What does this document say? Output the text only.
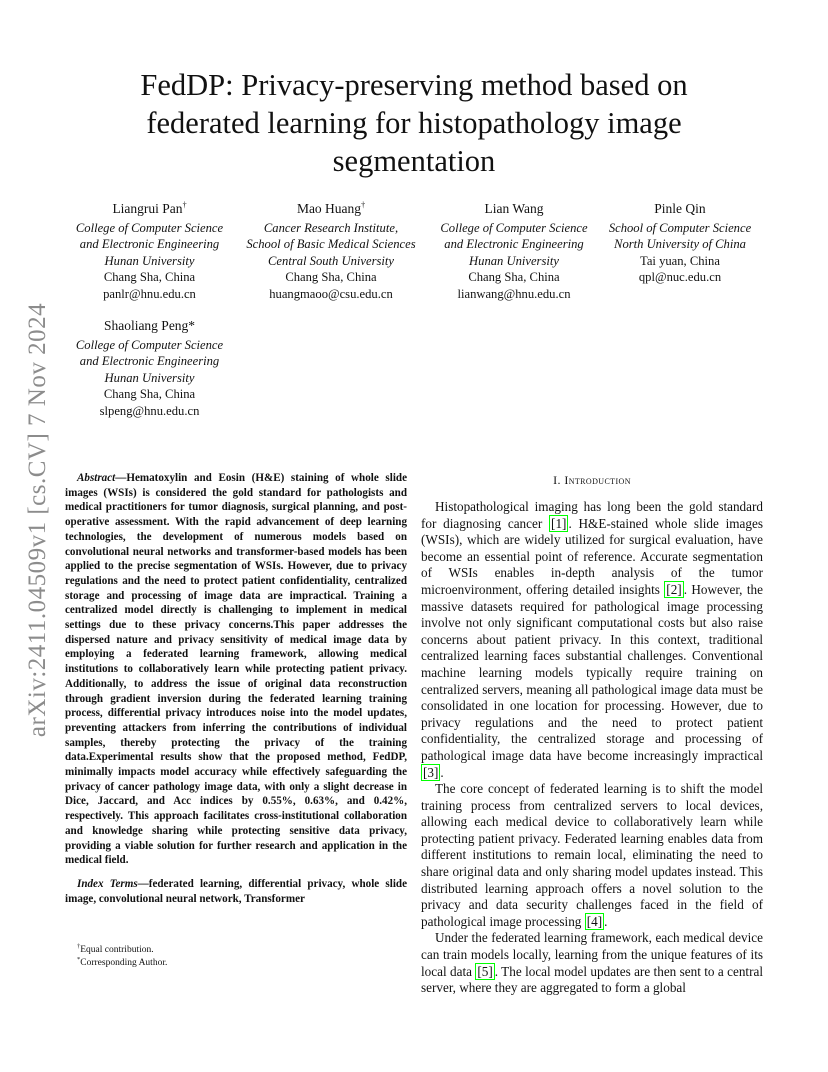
arXiv:2411.04509v1 [cs.CV] 7 Nov 2024
FedDP: Privacy-preserving method based on federated learning for histopathology image segmentation
Liangrui Pan†
College of Computer Science
and Electronic Engineering
Hunan University
Chang Sha, China
panlr@hnu.edu.cn
Mao Huang†
Cancer Research Institute,
School of Basic Medical Sciences
Central South University
Chang Sha, China
huangmaoo@csu.edu.cn
Lian Wang
College of Computer Science
and Electronic Engineering
Hunan University
Chang Sha, China
lianwang@hnu.edu.cn
Pinle Qin
School of Computer Science
North University of China
Tai yuan, China
qpl@nuc.edu.cn
Shaoliang Peng*
College of Computer Science
and Electronic Engineering
Hunan University
Chang Sha, China
slpeng@hnu.edu.cn

Abstract—Hematoxylin and Eosin (H&E) staining of whole slide images (WSIs) is considered the gold standard for pathologists and medical practitioners for tumor diagnosis, surgical planning, and post-operative assessment. With the rapid advancement of deep learning technologies, the development of numerous models based on convolutional neural networks and transformer-based models has been applied to the precise segmentation of WSIs. However, due to privacy regulations and the need to protect patient confidentiality, centralized storage and processing of image data are impractical. Training a centralized model directly is challenging to implement in medical settings due to these privacy concerns.This paper addresses the dispersed nature and privacy sensitivity of medical image data by employing a federated learning framework, allowing medical institutions to collaboratively learn while protecting patient privacy. Additionally, to address the issue of original data reconstruction through gradient inversion during the federated learning training process, differential privacy introduces noise into the model updates, preventing attackers from inferring the contributions of individual samples, thereby protecting the privacy of the training data.Experimental results show that the proposed method, FedDP, minimally impacts model accuracy while effectively safeguarding the privacy of cancer pathology image data, with only a slight decrease in Dice, Jaccard, and Acc indices by 0.55%, 0.63%, and 0.42%, respectively. This approach facilitates cross-institutional collaboration and knowledge sharing while protecting sensitive data privacy, providing a viable solution for further research and application in the medical field.

Index Terms—federated learning, differential privacy, whole slide image, convolutional neural network, Transformer

†Equal contribution.
*Corresponding Author.
I. Introduction

Histopathological imaging has long been the gold standard for diagnosing cancer [1] . H&E-stained whole slide images (WSIs), which are widely utilized for surgical evaluation, have become an essential point of reference. Accurate segmentation of WSIs enables in-depth analysis of the tumor microenvironment, offering detailed insights [2] . However, the massive datasets required for pathological image processing involve not only significant computational costs but also raise concerns about patient privacy. In this context, traditional centralized learning faces substantial challenges. Conventional machine learning models typically require training on centralized servers, meaning all pathological image data must be consolidated in one location for processing. However, due to privacy regulations and the need to protect patient confidentiality, the centralized storage and processing of pathological image data have become increasingly impractical [3] .

The core concept of federated learning is to shift the model training process from centralized servers to local devices, allowing each medical device to collaboratively learn while protecting patient privacy. Federated learning enables data from different institutions to remain local, eliminating the need to share original data and only sharing model updates instead. This distributed learning approach offers a novel solution to the privacy and data security challenges faced in the field of pathological image processing [4] .

Under the federated learning framework, each medical device can train models locally, learning from the unique features of its local data [5] . The local model updates are then sent to a central server, where they are aggregated to form a global
